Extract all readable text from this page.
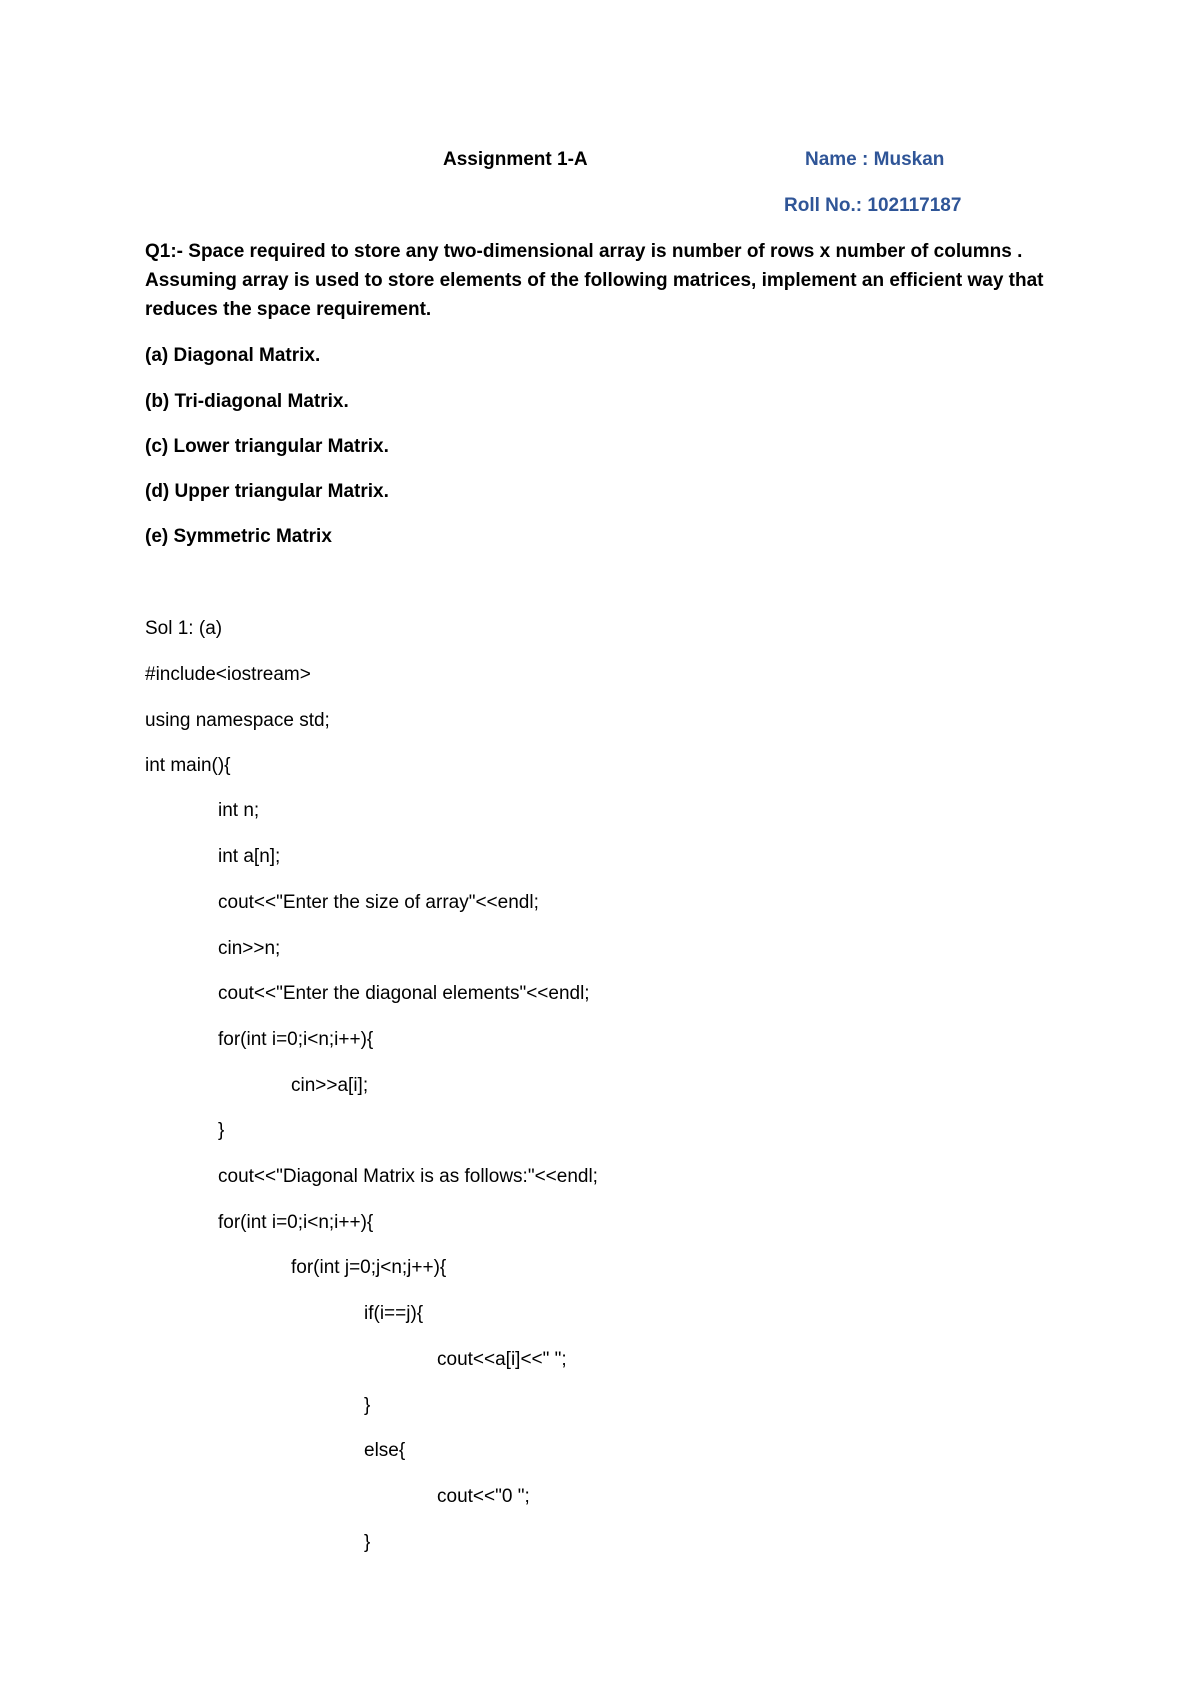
Assignment 1-A	Name : Muskan
Roll No.: 102117187
Q1:- Space required to store any two-dimensional array is number of rows x number of columns . Assuming array is used to store elements of the following matrices, implement an efficient way that reduces the space requirement.
(a) Diagonal Matrix.
(b) Tri-diagonal Matrix.
(c) Lower triangular Matrix.
(d) Upper triangular Matrix.
(e) Symmetric Matrix
Sol 1: (a)
#include<iostream>
using namespace std;
int main(){
int n;
int a[n];
cout<<"Enter the size of array"<<endl;
cin>>n;
cout<<"Enter the diagonal elements"<<endl;
for(int i=0;i<n;i++){
cin>>a[i];
}
cout<<"Diagonal Matrix is as follows:"<<endl;
for(int i=0;i<n;i++){
for(int j=0;j<n;j++){
if(i==j){
cout<<a[i]<<" ";
}
else{
cout<<"0 ";
}
